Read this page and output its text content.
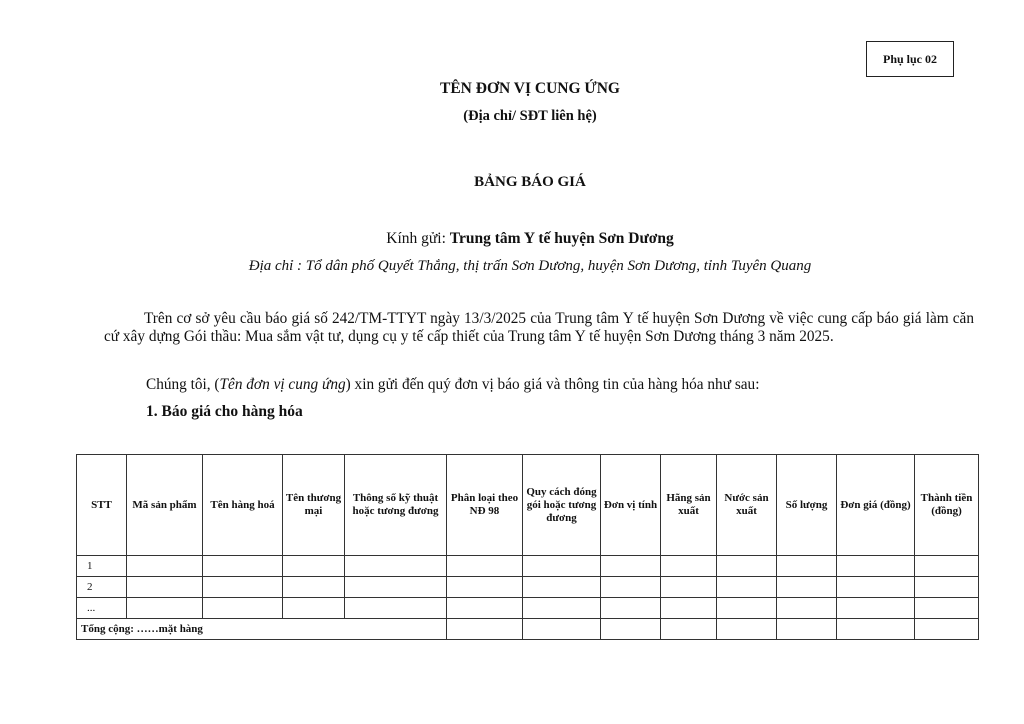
Phụ lục 02
TÊN ĐƠN VỊ CUNG ỨNG
(Địa chỉ/ SĐT liên hệ)
BẢNG BÁO GIÁ
Kính gửi: Trung tâm Y tế huyện Sơn Dương
Địa chỉ : Tổ dân phố Quyết Thắng, thị trấn Sơn Dương, huyện Sơn Dương, tỉnh Tuyên Quang
Trên cơ sở yêu cầu báo giá số 242/TM-TTYT ngày 13/3/2025 của Trung tâm Y tế huyện Sơn Dương về việc cung cấp báo giá làm căn cứ xây dựng Gói thầu: Mua sắm vật tư, dụng cụ y tế cấp thiết của Trung tâm Y tế huyện Sơn Dương tháng 3 năm 2025.
Chúng tôi, (Tên đơn vị cung ứng) xin gửi đến quý đơn vị báo giá và thông tin của hàng hóa như sau:
1. Báo giá cho hàng hóa
STT	Mã sản phẩm	Tên hàng hoá	Tên thương mại	Thông số kỹ thuật hoặc tương đương	Phân loại theo NĐ 98	Quy cách đóng gói hoặc tương đương	Đơn vị tính	Hãng sản xuất	Nước sản xuất	Số lượng	Đơn giá (đồng)	Thành tiền (đồng)
1												
2												
...												
Tổng cộng: ……mặt hàng												
